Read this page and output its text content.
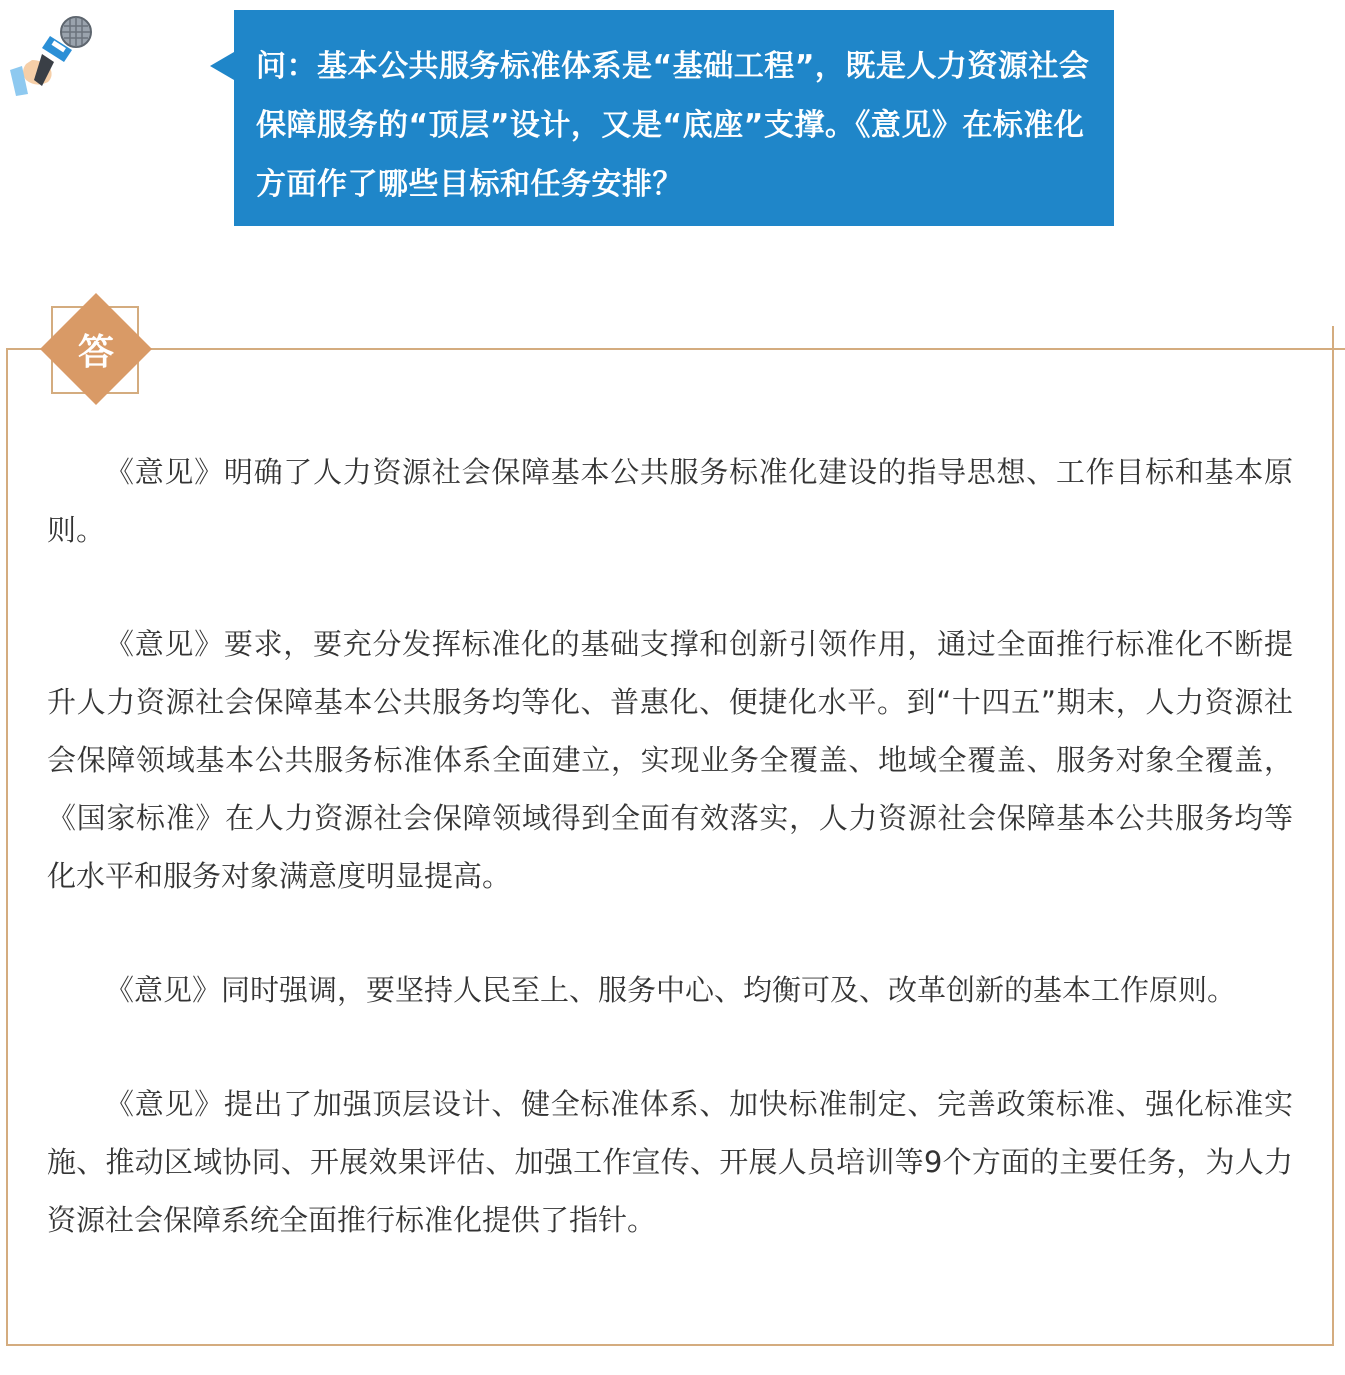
问：基本公共服务标准体系是“基础工程”，既是人力资源社会保障服务的“顶层”设计，又是“底座”支撑。《意见》在标准化方面作了哪些目标和任务安排？

答

《意见》明确了人力资源社会保障基本公共服务标准化建设的指导思想、工作目标和基本原则。

《意见》要求，要充分发挥标准化的基础支撑和创新引领作用，通过全面推行标准化不断提升人力资源社会保障基本公共服务均等化、普惠化、便捷化水平。到“十四五”期末，人力资源社会保障领域基本公共服务标准体系全面建立，实现业务全覆盖、地域全覆盖、服务对象全覆盖，《国家标准》在人力资源社会保障领域得到全面有效落实，人力资源社会保障基本公共服务均等化水平和服务对象满意度明显提高。

《意见》同时强调，要坚持人民至上、服务中心、均衡可及、改革创新的基本工作原则。

《意见》提出了加强顶层设计、健全标准体系、加快标准制定、完善政策标准、强化标准实施、推动区域协同、开展效果评估、加强工作宣传、开展人员培训等9个方面的主要任务，为人力资源社会保障系统全面推行标准化提供了指针。
